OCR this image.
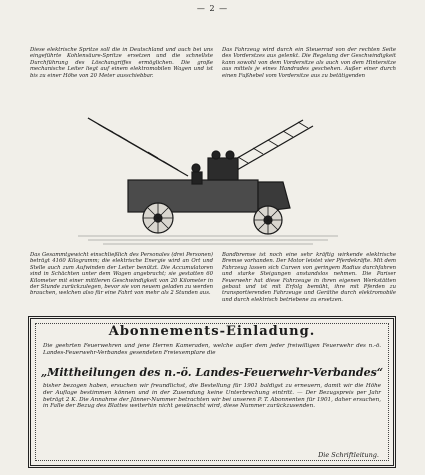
— 2 —

Diese elektrische Spritze soll die in Deutschland und auch bei uns eingeführte Kohlensäure-Spritze ersetzen und die schnellste Durchführung des Löschangriffes ermöglichen. Die große mechanische Leiter liegt auf einem elektromobilen Wagen und ist bis zu einer Höhe von 20 Meter ausschiebbar.

Das Fahrzeug wird durch ein Steuerrad von der rechten Seite des Vorderstzes aus gelenkt. Die Regelung der Geschwindigkeit kann sowohl von dem Vordersitze als auch von dem Hintersitze aus mittels je eines Handrades geschehen. Außer einer durch einen Fußhebel vom Vordersitze aus zu betätigenden

Das Gesammtgewicht einschließlich des Personales (drei Personen) beträgt 4160 Kilogramm; die elektrische Energie wird an Ort und Stelle auch zum Aufwinden der Leiter benützt. Die Accumulatoren sind in Schächten unter dem Wagen angebracht; sie gestatten 60 Kilometer mit einer mittleren Geschwindigkeit von 20 Kilometer in der Stunde zurückzulegen, bevor sie von neuem geladen zu werden brauchen, welchen also für eine Fahrt von mehr als 2 Stunden aus.

Bandbremse ist noch eine sehr kräftig wirkende elektrische Bremse vorhanden. Der Motor leistet vier Pferdekräfte. Mit dem Fahrzeug lassen sich Curven von geringem Radius durchfahren und starke Steigungen anstandslos nehmen. Die Pariser Feuerwehr hat diese Fahrzeuge in ihren eigenen Werkstätten gebaut und ist mit Erfolg bemüht, ihre mit Pferden zu transportierenden Fahrzeuge und Geräthe durch elektromobile und durch elektrisch betriebene zu ersetzen.

Abonnements-Einladung.

Die geehrten Feuerwehren und jene Herren Kameraden, welche außer dem jeder freiwilligen Feuerwehr des n.-ö. Landes-Feuerwehr-Verbandes gesendeten Freiexemplare die

„Mittheilungen des n.-ö. Landes-Feuerwehr-Verbandes“

bisher bezogen haben, ersuchen wir freundlichst, die Bestellung für 1901 baldigst zu erneuern, damit wir die Höhe der Auflage bestimmen können und in der Zusendung keine Unterbrechung eintritt. — Der Bezugspreis per Jahr beträgt 2 K. Die Annahme der Jänner-Nummer betrachten wir bei unseren P. T. Abonnenten für 1901, daher ersuchen, in Falle der Bezug des Blattes weiterhin nicht gewünscht wird, diese Nummer zurückzusenden.

Die Schriftleitung.
